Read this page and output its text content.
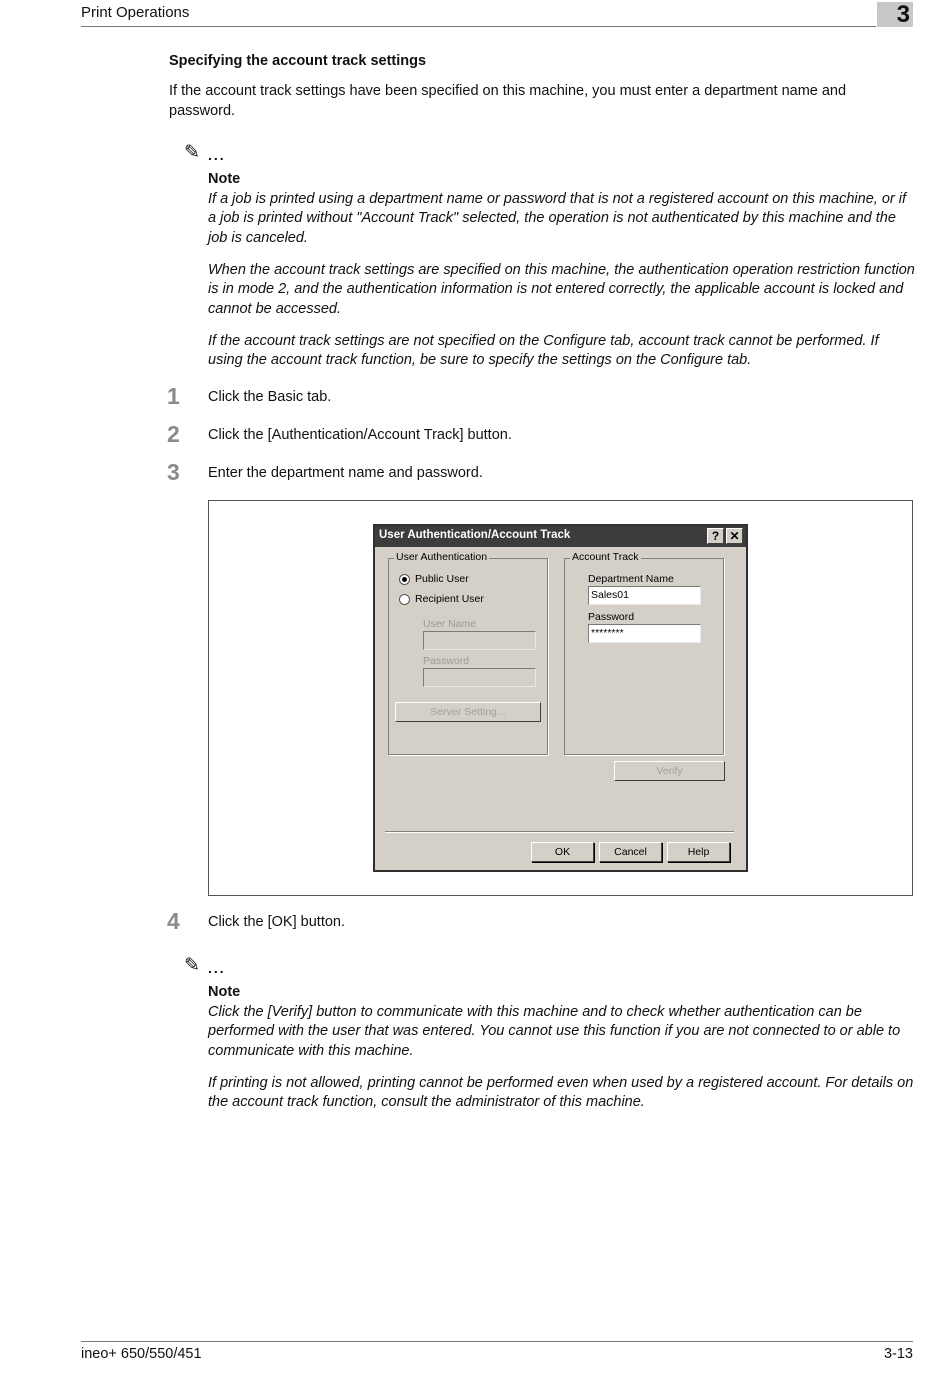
Print Operations	3
Specifying the account track settings
If the account track settings have been specified on this machine, you must enter a department name and password.
✎ ...
Note

If a job is printed using a department name or password that is not a registered account on this machine, or if a job is printed without "Account Track" selected, the operation is not authenticated by this machine and the job is canceled.

When the account track settings are specified on this machine, the authentication operation restriction function is in mode 2, and the authentication information is not entered correctly, the applicable account is locked and cannot be accessed.

If the account track settings are not specified on the Configure tab, account track cannot be performed. If using the account track function, be sure to specify the settings on the Configure tab.

1 Click the Basic tab.
2 Click the [Authentication/Account Track] button.
3 Enter the department name and password.
User Authentication/Account Track	? ✕
User Authentication
Public User
Recipient User
User Name
Password
Server Setting...
Account Track
Department Name
Sales01
Password
********
Verify
OK	Cancel	Help
4 Click the [OK] button.
✎ ...
Note

Click the [Verify] button to communicate with this machine and to check whether authentication can be performed with the user that was entered. You cannot use this function if you are not connected to or able to communicate with this machine.

If printing is not allowed, printing cannot be performed even when used by a registered account. For details on the account track function, consult the administrator of this machine.

ineo+ 650/550/451	3-13
